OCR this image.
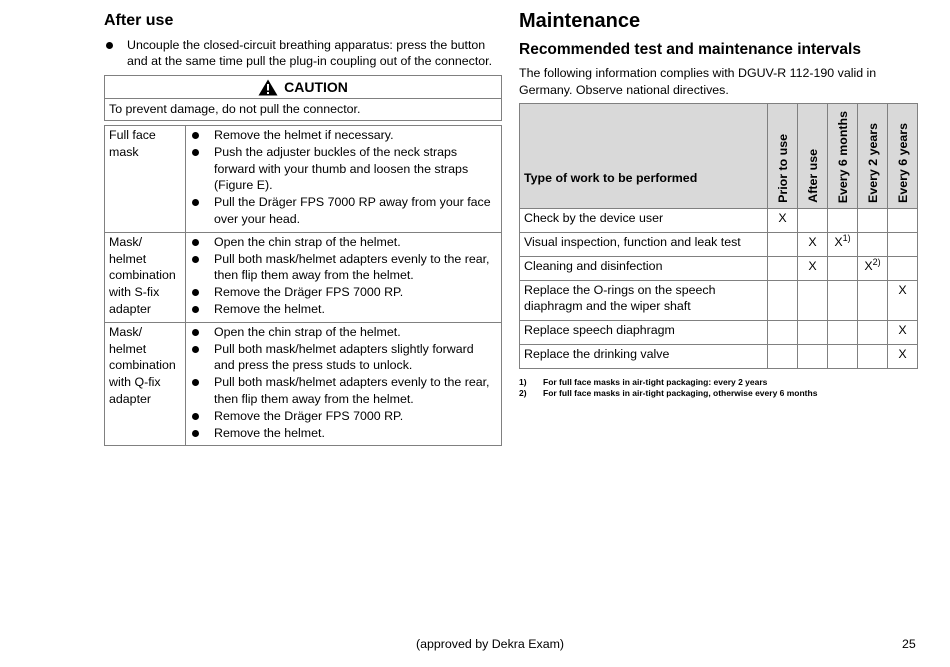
After use
Uncouple the closed-circuit breathing apparatus: press the button and at the same time pull the plug-in coupling out of the connector.
CAUTION
To prevent damage, do not pull the connector.
Full face mask	Remove the helmet if necessary.
Push the adjuster buckles of the neck straps forward with your thumb and loosen the straps (Figure E).
Pull the Dräger FPS 7000 RP away from your face over your head.

Mask/ helmet combination with S-fix adapter	Open the chin strap of the helmet.
Pull both mask/helmet adapters evenly to the rear, then flip them away from the helmet.
Remove the Dräger FPS 7000 RP.
Remove the helmet.

Mask/ helmet combination with Q-fix adapter	Open the chin strap of the helmet.
Pull both mask/helmet adapters slightly forward and press the press studs to unlock.
Pull both mask/helmet adapters evenly to the rear, then flip them away from the helmet.
Remove the Dräger FPS 7000 RP.
Remove the helmet.
Maintenance
Recommended test and maintenance intervals
The following information complies with DGUV-R 112-190 valid in Germany. Observe national directives.
Type of work to be performed	Prior to use	After use	Every 6 months	Every 2 years	Every 6 years
Check by the device user	X				
Visual inspection, function and leak test		X	$X^{1)}$		
Cleaning and disinfection		X		$X^{2)}$	
Replace the O-rings on the speech diaphragm and the wiper shaft					X
Replace speech diaphragm					X
Replace the drinking valve					X
1)	For full face masks in air-tight packaging: every 2 years
2)	For full face masks in air-tight packaging, otherwise every 6 months
(approved by Dekra Exam)	25
